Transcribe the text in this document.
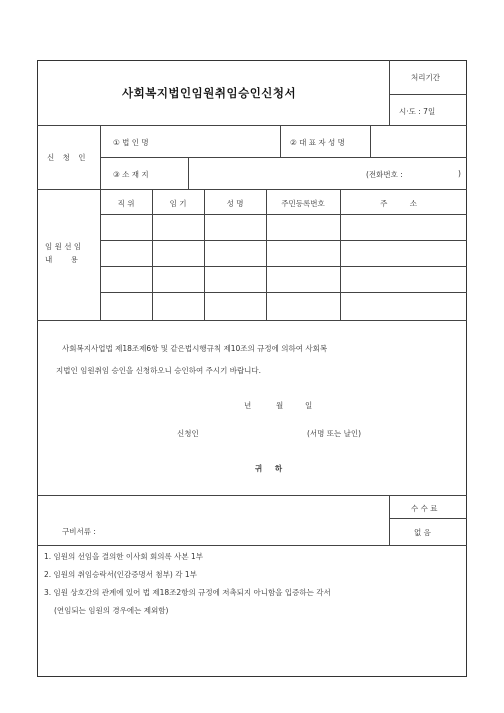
사회복지법인임원취임승인신청서
처리기간
시·도 : 7일
신 청 인
① 법 인 명	② 대 표 자 성 명
③ 소 재 지	(전화번호 :	)
임 원 선 임
내 용
직 위	임 기	성 명	주민등록번호	주 소
사회복지사업법 제18조제6항 및 같은법시행규칙 제10조의 규정에 의하여 사회복
지법인 임원취임 승인을 신청하오니 승인하여 주시기 바랍니다.
년	월	일
신청인	(서명 또는 날인)
귀 하
수 수 료
없 음
구비서류 :
1. 임원의 선임을 결의한 이사회 회의록 사본 1부
2. 임원의 취임승락서(인감증명서 첨부) 각 1부
3. 임원 상호간의 관계에 있어 법 제18조2항의 규정에 저촉되지 아니함을 입증하는 각서
(연임되는 임원의 경우에는 제외함)
